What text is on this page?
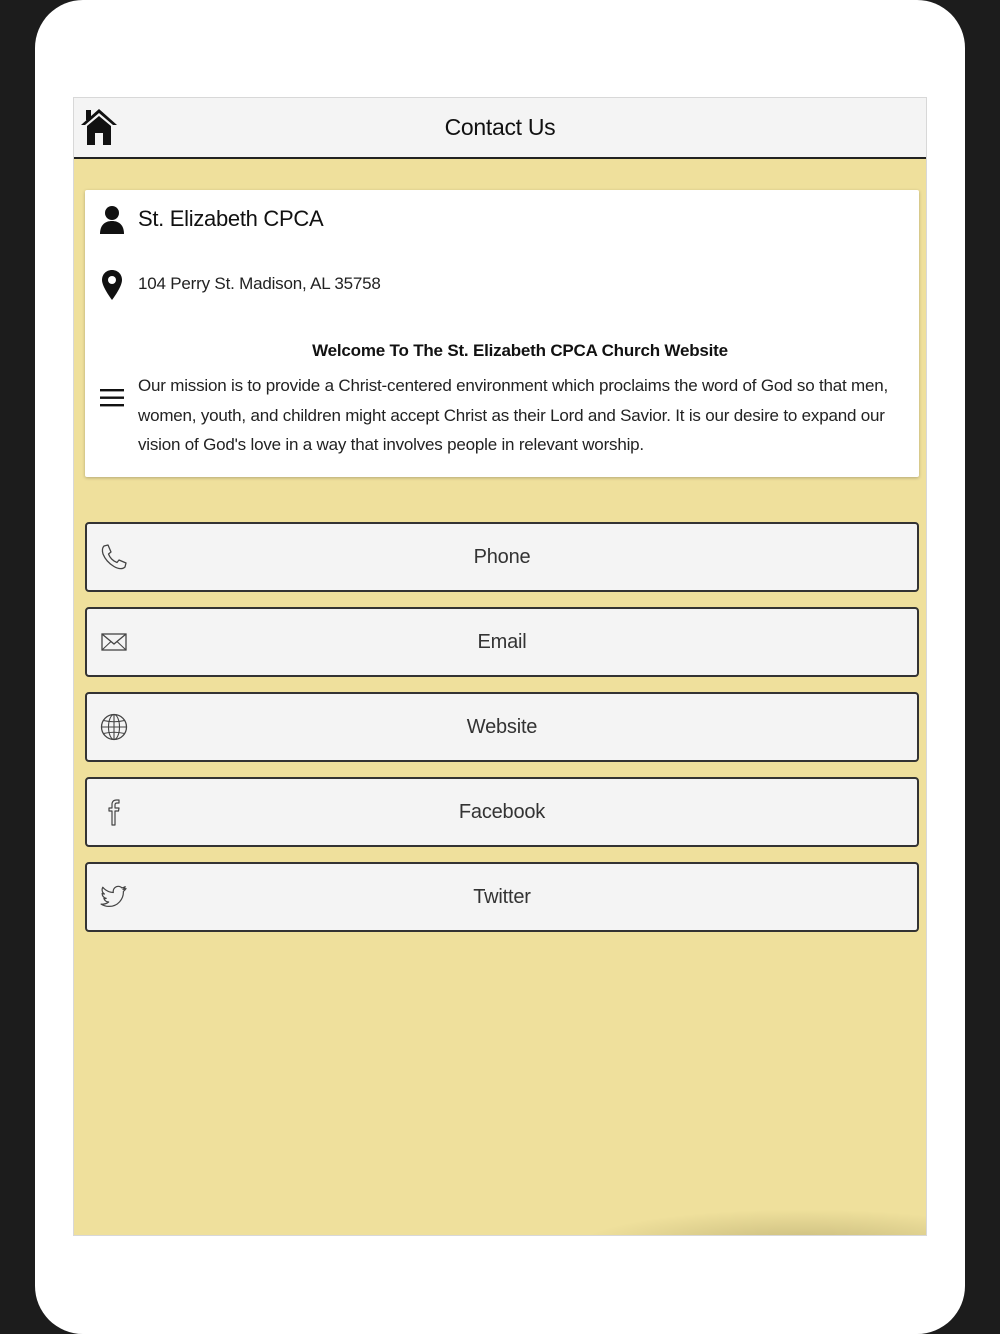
Contact Us
St. Elizabeth CPCA
104 Perry St. Madison, AL 35758
Welcome To The St. Elizabeth CPCA Church Website
Our mission is to provide a Christ-centered environment which proclaims the word of God so that men, women, youth, and children might accept Christ as their Lord and Savior. It is our desire to expand our vision of God's love in a way that involves people in relevant worship.
Phone
Email
Website
Facebook
Twitter
